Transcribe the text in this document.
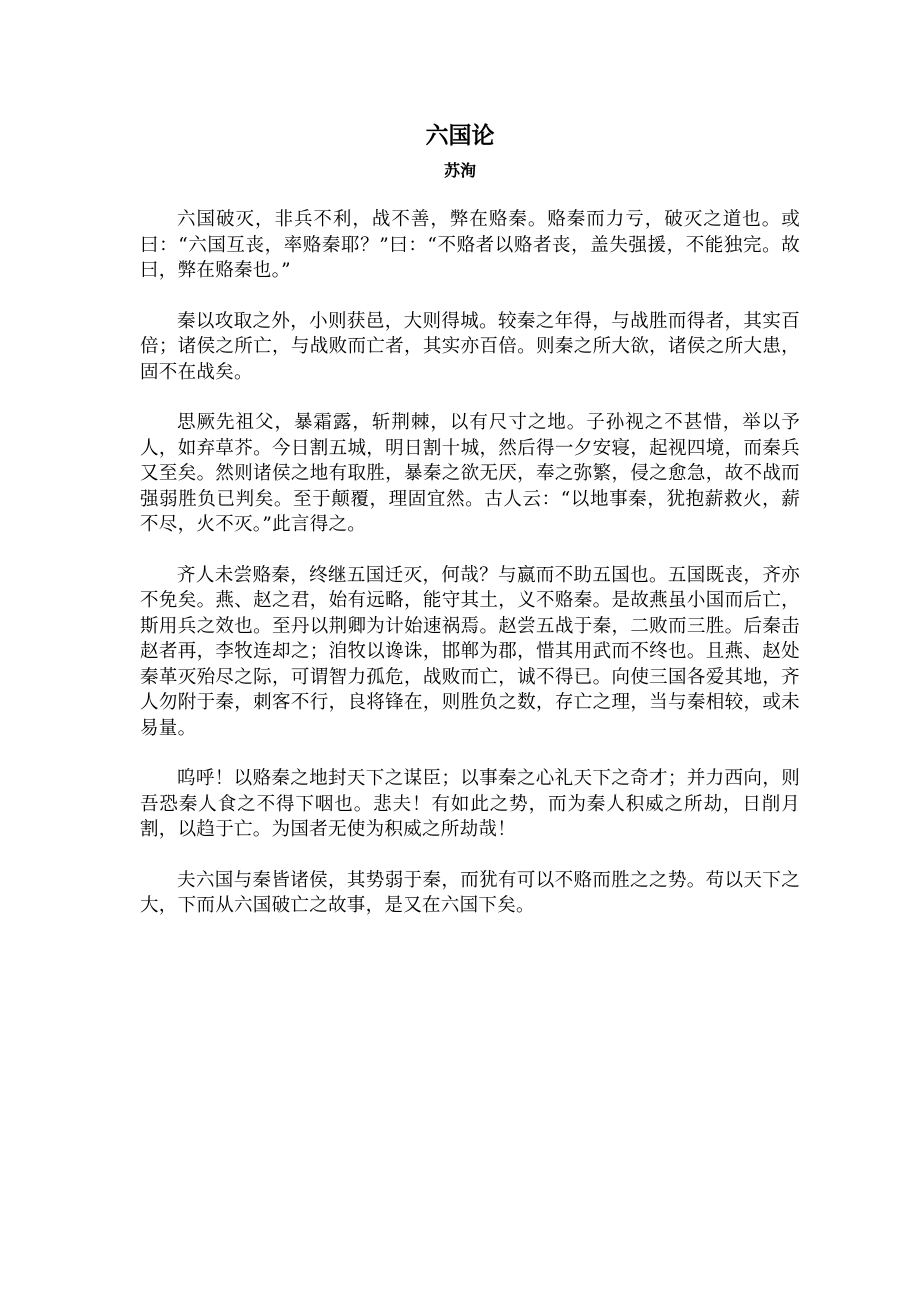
六国论
苏洵

六国破灭，非兵不利，战不善，弊在赂秦。赂秦而力亏，破灭之道也。或曰：“六国互丧，率赂秦耶？”曰：“不赂者以赂者丧，盖失强援，不能独完。故曰，弊在赂秦也。”

秦以攻取之外，小则获邑，大则得城。较秦之年得，与战胜而得者，其实百倍；诸侯之所亡，与战败而亡者，其实亦百倍。则秦之所大欲，诸侯之所大患，固不在战矣。

思厥先祖父，暴霜露，斩荆棘，以有尺寸之地。子孙视之不甚惜，举以予人，如弃草芥。今日割五城，明日割十城，然后得一夕安寝，起视四境，而秦兵又至矣。然则诸侯之地有取胜，暴秦之欲无厌，奉之弥繁，侵之愈急，故不战而强弱胜负已判矣。至于颠覆，理固宜然。古人云：“以地事秦，犹抱薪救火，薪不尽，火不灭。”此言得之。

齐人未尝赂秦，终继五国迁灭，何哉？与嬴而不助五国也。五国既丧，齐亦不免矣。燕、赵之君，始有远略，能守其土，义不赂秦。是故燕虽小国而后亡，斯用兵之效也。至丹以荆卿为计始速祸焉。赵尝五战于秦，二败而三胜。后秦击赵者再，李牧连却之；洎牧以谗诛，邯郸为郡，惜其用武而不终也。且燕、赵处秦革灭殆尽之际，可谓智力孤危，战败而亡，诚不得已。向使三国各爱其地，齐人勿附于秦，刺客不行，良将锋在，则胜负之数，存亡之理，当与秦相较，或未易量。

呜呼！以赂秦之地封天下之谋臣；以事秦之心礼天下之奇才；并力西向，则吾恐秦人食之不得下咽也。悲夫！有如此之势，而为秦人积威之所劫，日削月割，以趋于亡。为国者无使为积威之所劫哉！

夫六国与秦皆诸侯，其势弱于秦，而犹有可以不赂而胜之之势。苟以天下之大，下而从六国破亡之故事，是又在六国下矣。
